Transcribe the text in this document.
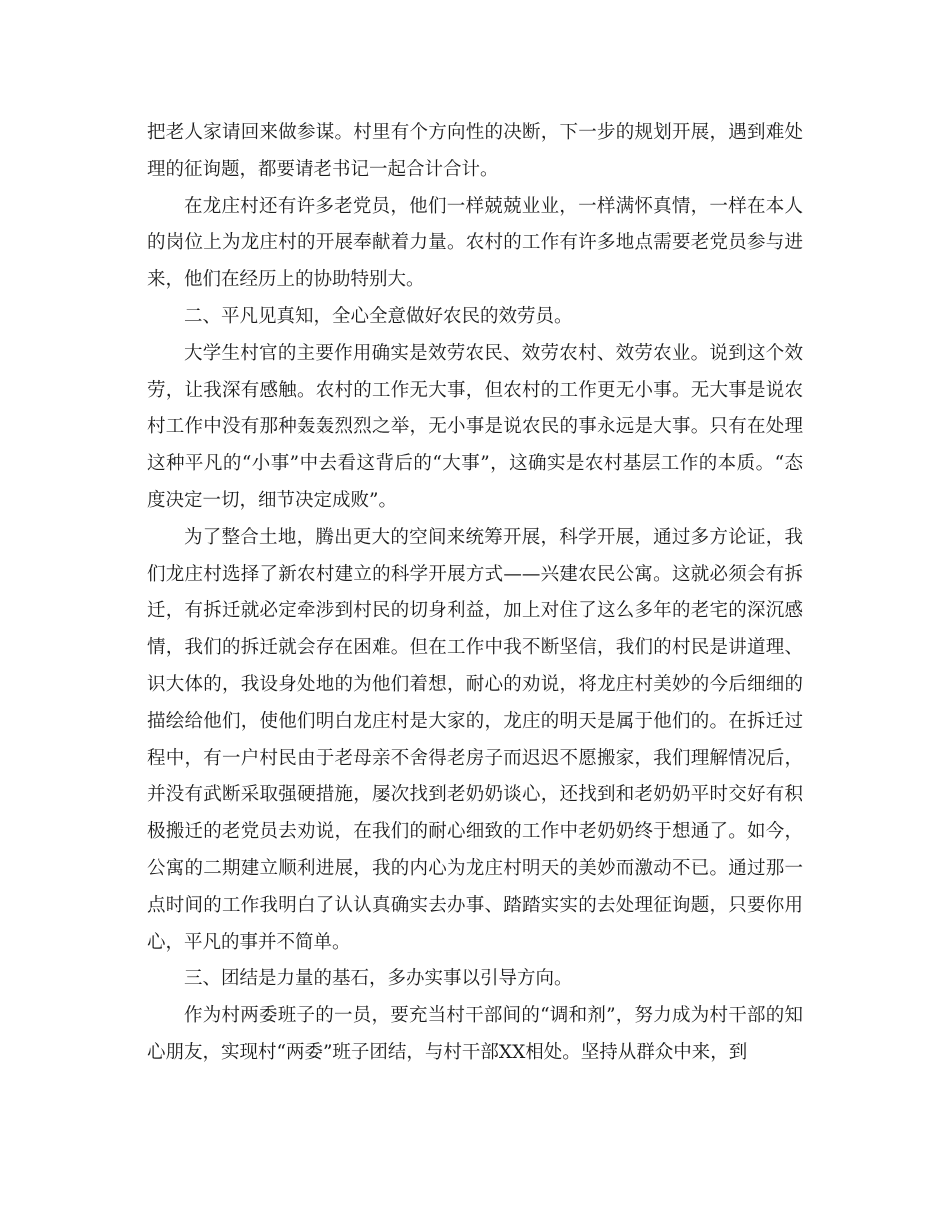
把老人家请回来做参谋。村里有个方向性的决断，下一步的规划开展，遇到难处理的征询题，都要请老书记一起合计合计。

在龙庄村还有许多老党员，他们一样兢兢业业，一样满怀真情，一样在本人的岗位上为龙庄村的开展奉献着力量。农村的工作有许多地点需要老党员参与进来，他们在经历上的协助特别大。

二、平凡见真知，全心全意做好农民的效劳员。

大学生村官的主要作用确实是效劳农民、效劳农村、效劳农业。说到这个效劳，让我深有感触。农村的工作无大事，但农村的工作更无小事。无大事是说农村工作中没有那种轰轰烈烈之举，无小事是说农民的事永远是大事。只有在处理这种平凡的“小事”中去看这背后的“大事”，这确实是农村基层工作的本质。“态度决定一切，细节决定成败”。

为了整合土地，腾出更大的空间来统筹开展，科学开展，通过多方论证，我们龙庄村选择了新农村建立的科学开展方式——兴建农民公寓。这就必须会有拆迁，有拆迁就必定牵涉到村民的切身利益，加上对住了这么多年的老宅的深沉感情，我们的拆迁就会存在困难。但在工作中我不断坚信，我们的村民是讲道理、识大体的，我设身处地的为他们着想，耐心的劝说，将龙庄村美妙的今后细细的描绘给他们，使他们明白龙庄村是大家的，龙庄的明天是属于他们的。在拆迁过程中，有一户村民由于老母亲不舍得老房子而迟迟不愿搬家，我们理解情况后，并没有武断采取强硬措施，屡次找到老奶奶谈心，还找到和老奶奶平时交好有积极搬迁的老党员去劝说，在我们的耐心细致的工作中老奶奶终于想通了。如今，公寓的二期建立顺利进展，我的内心为龙庄村明天的美妙而激动不已。通过那一点时间的工作我明白了认认真确实去办事、踏踏实实的去处理征询题，只要你用心，平凡的事并不简单。

三、团结是力量的基石，多办实事以引导方向。

作为村两委班子的一员，要充当村干部间的“调和剂”，努力成为村干部的知心朋友，实现村“两委”班子团结，与村干部XX相处。坚持从群众中来，到
